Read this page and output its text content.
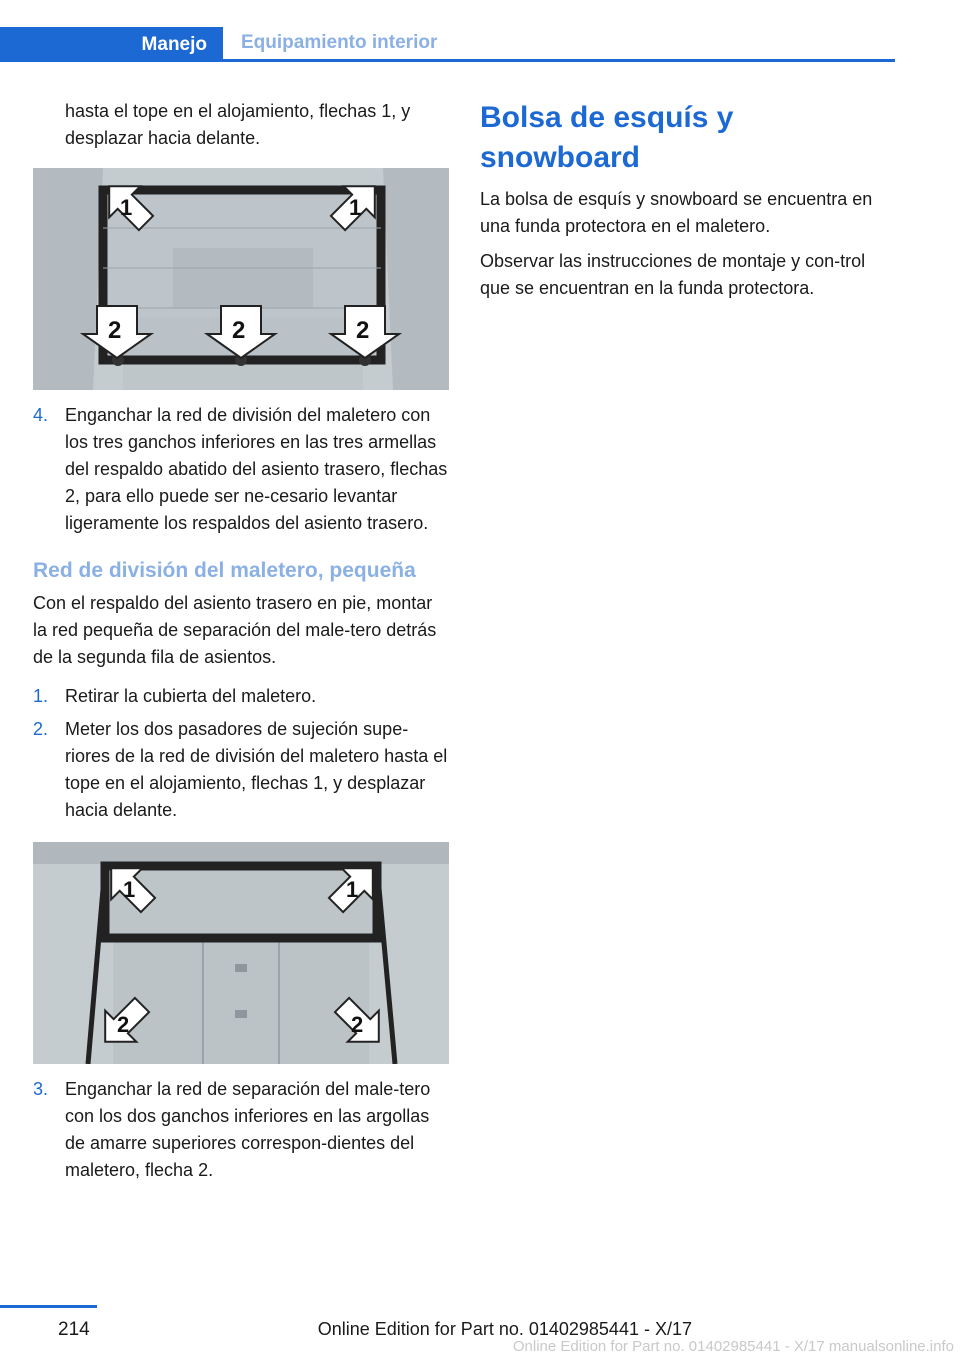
Manejo	Equipamiento interior

hasta el tope en el alojamiento, flechas 1, y desplazar hacia delante.

1	1
2	2	2
4. Enganchar la red de división del maletero con los tres ganchos inferiores en las tres armellas del respaldo abatido del asiento trasero, flechas 2, para ello puede ser ne-cesario levantar ligeramente los respaldos del asiento trasero.
Red de división del maletero, pequeña

Con el respaldo del asiento trasero en pie, montar la red pequeña de separación del male-tero detrás de la segunda fila de asientos.

1. Retirar la cubierta del maletero.
2. Meter los dos pasadores de sujeción supe-riores de la red de división del maletero hasta el tope en el alojamiento, flechas 1, y desplazar hacia delante.
1	1
2	2
3. Enganchar la red de separación del male-tero con los dos ganchos inferiores en las argollas de amarre superiores correspon-dientes del maletero, flecha 2.
Bolsa de esquís y snowboard

La bolsa de esquís y snowboard se encuentra en una funda protectora en el maletero.

Observar las instrucciones de montaje y con-trol que se encuentran en la funda protectora.

214	Online Edition for Part no. 01402985441 - X/17
Online Edition for Part no. 01402985441 - X/17 manualsonline.info
